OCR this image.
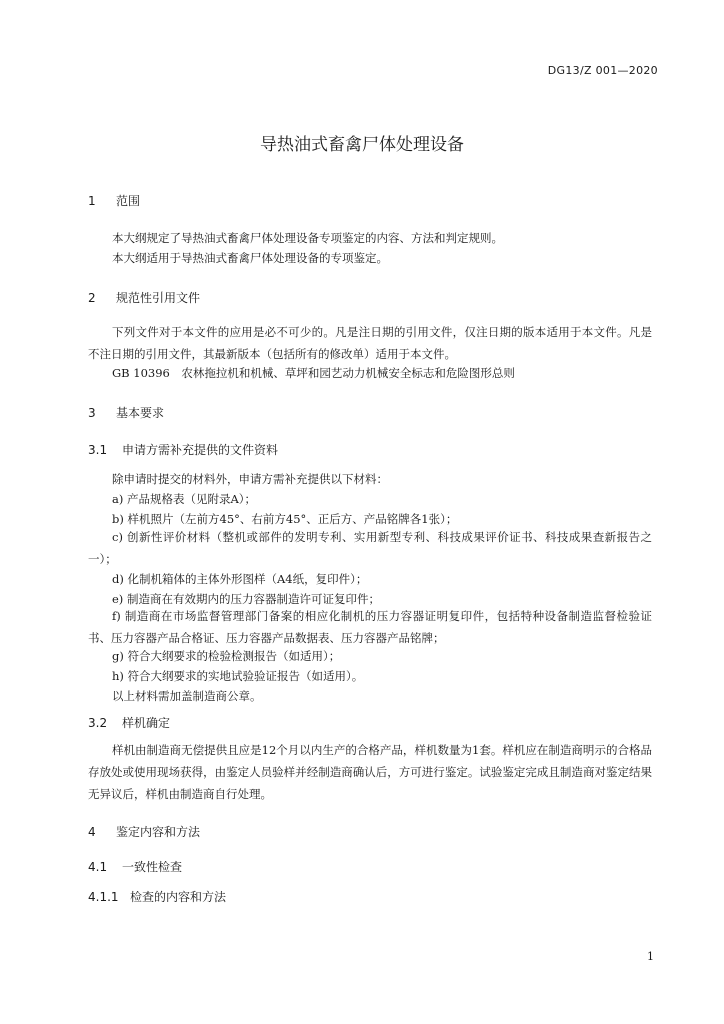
DG13/Z 001—2020
导热油式畜禽尸体处理设备
1 范围
本大纲规定了导热油式畜禽尸体处理设备专项鉴定的内容、方法和判定规则。
本大纲适用于导热油式畜禽尸体处理设备的专项鉴定。
2 规范性引用文件
下列文件对于本文件的应用是必不可少的。凡是注日期的引用文件，仅注日期的版本适用于本文件。凡是不注日期的引用文件，其最新版本（包括所有的修改单）适用于本文件。
GB 10396　农林拖拉机和机械、草坪和园艺动力机械安全标志和危险图形总则
3 基本要求
3.1 申请方需补充提供的文件资料
除申请时提交的材料外，申请方需补充提供以下材料：
a) 产品规格表（见附录A）；
b) 样机照片（左前方45°、右前方45°、正后方、产品铭牌各1张）；
c) 创新性评价材料（整机或部件的发明专利、实用新型专利、科技成果评价证书、科技成果查新报告之一）；
d) 化制机箱体的主体外形图样（A4纸，复印件）；
e) 制造商在有效期内的压力容器制造许可证复印件；
f) 制造商在市场监督管理部门备案的相应化制机的压力容器证明复印件，包括特种设备制造监督检验证书、压力容器产品合格证、压力容器产品数据表、压力容器产品铭牌；
g) 符合大纲要求的检验检测报告（如适用）；
h) 符合大纲要求的实地试验验证报告（如适用）。
以上材料需加盖制造商公章。
3.2 样机确定
样机由制造商无偿提供且应是12个月以内生产的合格产品，样机数量为1套。样机应在制造商明示的合格品存放处或使用现场获得，由鉴定人员验样并经制造商确认后，方可进行鉴定。试验鉴定完成且制造商对鉴定结果无异议后，样机由制造商自行处理。
4 鉴定内容和方法
4.1 一致性检查
4.1.1 检查的内容和方法
1
